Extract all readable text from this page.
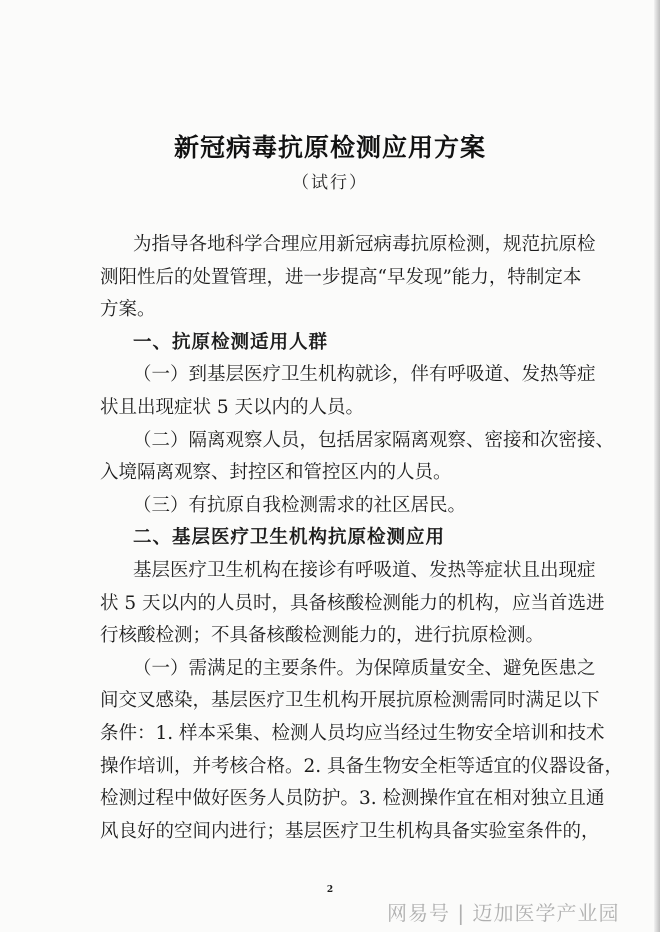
新冠病毒抗原检测应用方案
（试行）
为指导各地科学合理应用新冠病毒抗原检测，规范抗原检
测阳性后的处置管理，进一步提高“早发现”能力，特制定本
方案。
一、抗原检测适用人群
（一）到基层医疗卫生机构就诊，伴有呼吸道、发热等症
状且出现症状 5 天以内的人员。
（二）隔离观察人员，包括居家隔离观察、密接和次密接、
入境隔离观察、封控区和管控区内的人员。
（三）有抗原自我检测需求的社区居民。
二、基层医疗卫生机构抗原检测应用
基层医疗卫生机构在接诊有呼吸道、发热等症状且出现症
状 5 天以内的人员时，具备核酸检测能力的机构，应当首选进
行核酸检测；不具备核酸检测能力的，进行抗原检测。
（一）需满足的主要条件。为保障质量安全、避免医患之
间交叉感染，基层医疗卫生机构开展抗原检测需同时满足以下
条件：1. 样本采集、检测人员均应当经过生物安全培训和技术
操作培训，并考核合格。2. 具备生物安全柜等适宜的仪器设备，
检测过程中做好医务人员防护。3. 检测操作宜在相对独立且通
风良好的空间内进行；基层医疗卫生机构具备实验室条件的，
2
网易号 | 迈加医学产业园
